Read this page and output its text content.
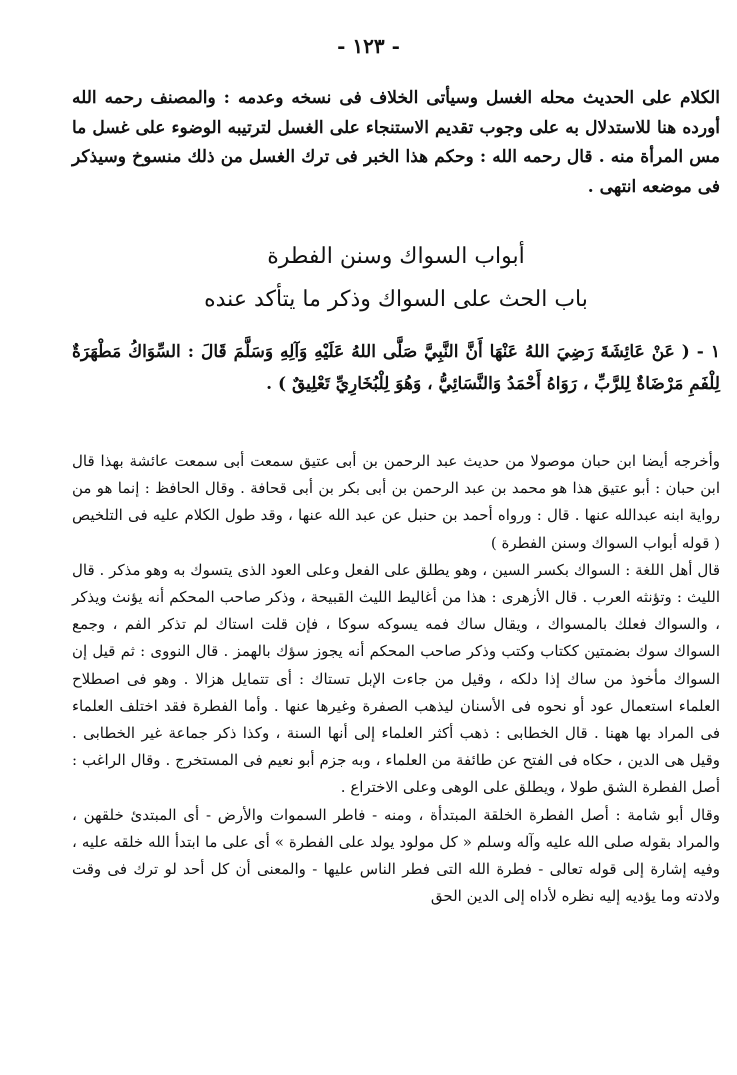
- ١٢٣ -
الكلام على الحديث محله الغسل وسيأتى الخلاف فى نسخه وعدمه : والمصنف رحمه الله أورده هنا للاستدلال به على وجوب تقديم الاستنجاء على الغسل لترتيبه الوضوء على غسل ما مس المرأة منه . قال رحمه الله : وحكم هذا الخبر فى ترك الغسل من ذلك منسوخ وسيذكر فى موضعه انتهى .
أبواب السواك وسنن الفطرة
باب الحث على السواك وذكر ما يتأكد عنده
١ - ( عَنْ عَائِشَةَ رَضِيَ اللهُ عَنْهَا أَنَّ النَّبِيَّ صَلَّى اللهُ عَلَيْهِ وَآلِهِ وَسَلَّمَ قَالَ : السِّوَاكُ مَطْهَرَةٌ لِلْفَمِ مَرْضَاةٌ لِلرَّبِّ ، رَوَاهُ أَحْمَدُ وَالنَّسَائِيُّ ، وَهُوَ لِلْبُخَارِيِّ تَعْلِيقٌ ) .

وأخرجه أيضا ابن حبان موصولا من حديث عبد الرحمن بن أبى عتيق سمعت أبى سمعت عائشة بهذا قال ابن حبان : أبو عتيق هذا هو محمد بن عبد الرحمن بن أبى بكر بن أبى قحافة . وقال الحافظ : إنما هو من رواية ابنه عبدالله عنها . قال : ورواه أحمد بن حنبل عن عبد الله عنها ، وقد طول الكلام عليه فى التلخيص ( قوله أبواب السواك وسنن الفطرة )

قال أهل اللغة : السواك بكسر السين ، وهو يطلق على الفعل وعلى العود الذى يتسوك به وهو مذكر . قال الليث : وتؤنثه العرب . قال الأزهرى : هذا من أغاليط الليث القبيحة ، وذكر صاحب المحكم أنه يؤنث ويذكر ، والسواك فعلك بالمسواك ، ويقال ساك فمه يسوكه سوكا ، فإن قلت استاك لم تذكر الفم ، وجمع السواك سوك بضمتين ككتاب وكتب وذكر صاحب المحكم أنه يجوز سؤك بالهمز . قال النووى : ثم قيل إن السواك مأخوذ من ساك إذا دلكه ، وقيل من جاءت الإبل تستاك : أى تتمايل هزالا . وهو فى اصطلاح العلماء استعمال عود أو نحوه فى الأسنان ليذهب الصفرة وغيرها عنها . وأما الفطرة فقد اختلف العلماء فى المراد بها ههنا . قال الخطابى : ذهب أكثر العلماء إلى أنها السنة ، وكذا ذكر جماعة غير الخطابى . وقيل هى الدين ، حكاه فى الفتح عن طائفة من العلماء ، وبه جزم أبو نعيم فى المستخرج . وقال الراغب : أصل الفطرة الشق طولا ، ويطلق على الوهى وعلى الاختراع .

وقال أبو شامة : أصل الفطرة الخلقة المبتدأة ، ومنه - فاطر السموات والأرض - أى المبتدئ خلقهن ، والمراد بقوله صلى الله عليه وآله وسلم « كل مولود يولد على الفطرة » أى على ما ابتدأ الله خلقه عليه ، وفيه إشارة إلى قوله تعالى - فطرة الله التى فطر الناس عليها - والمعنى أن كل أحد لو ترك فى وقت ولادته وما يؤديه إليه نظره لأداه إلى الدين الحق
